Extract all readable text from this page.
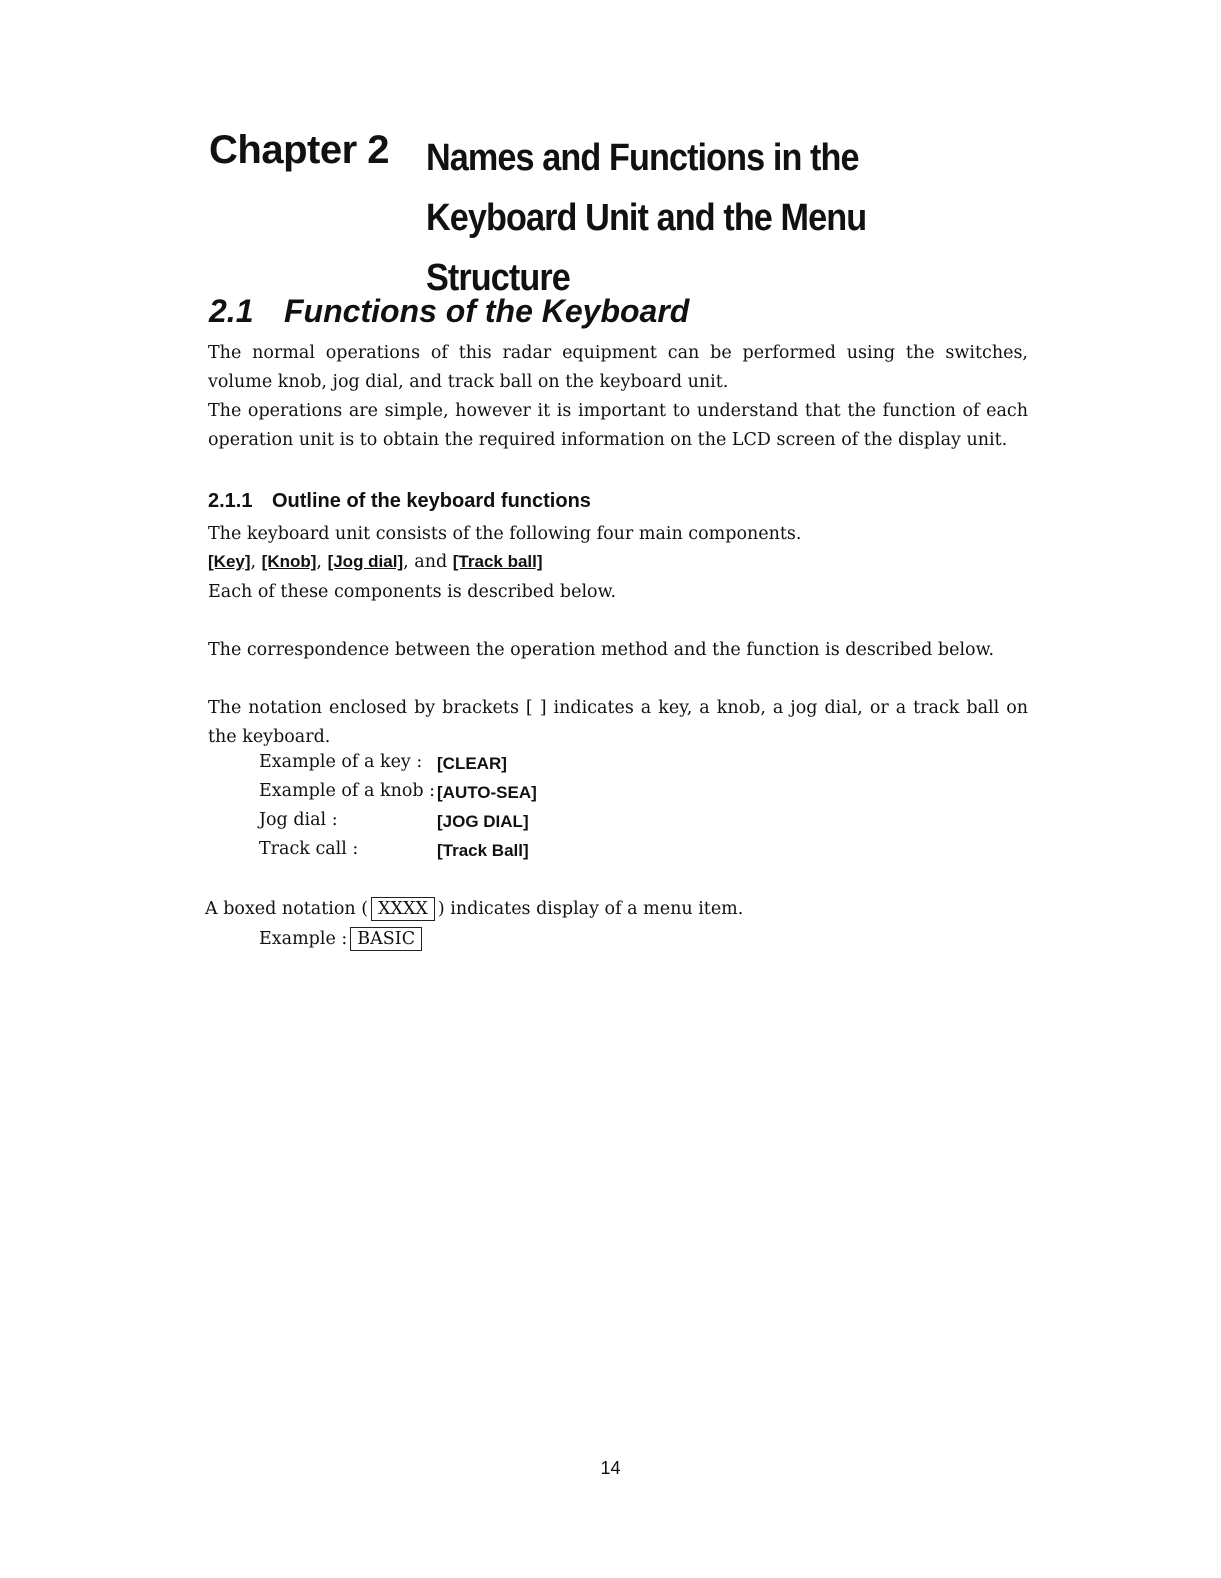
Chapter 2 Names and Functions in the Keyboard Unit and the Menu Structure
2.1 Functions of the Keyboard
The normal operations of this radar equipment can be performed using the switches, volume knob, jog dial, and track ball on the keyboard unit.
The operations are simple, however it is important to understand that the function of each operation unit is to obtain the required information on the LCD screen of the display unit.
2.1.1 Outline of the keyboard functions
The keyboard unit consists of the following four main components.
[Key], [Knob], [Jog dial], and [Track ball]
Each of these components is described below.
The correspondence between the operation method and the function is described below.
The notation enclosed by brackets [ ] indicates a key, a knob, a jog dial, or a track ball on the keyboard.
Example of a key : [CLEAR]
Example of a knob : [AUTO-SEA]
Jog dial :	[JOG DIAL]
Track call :	[Track Ball]
A boxed notation ( XXXX ) indicates display of a menu item.
Example : BASIC
14
